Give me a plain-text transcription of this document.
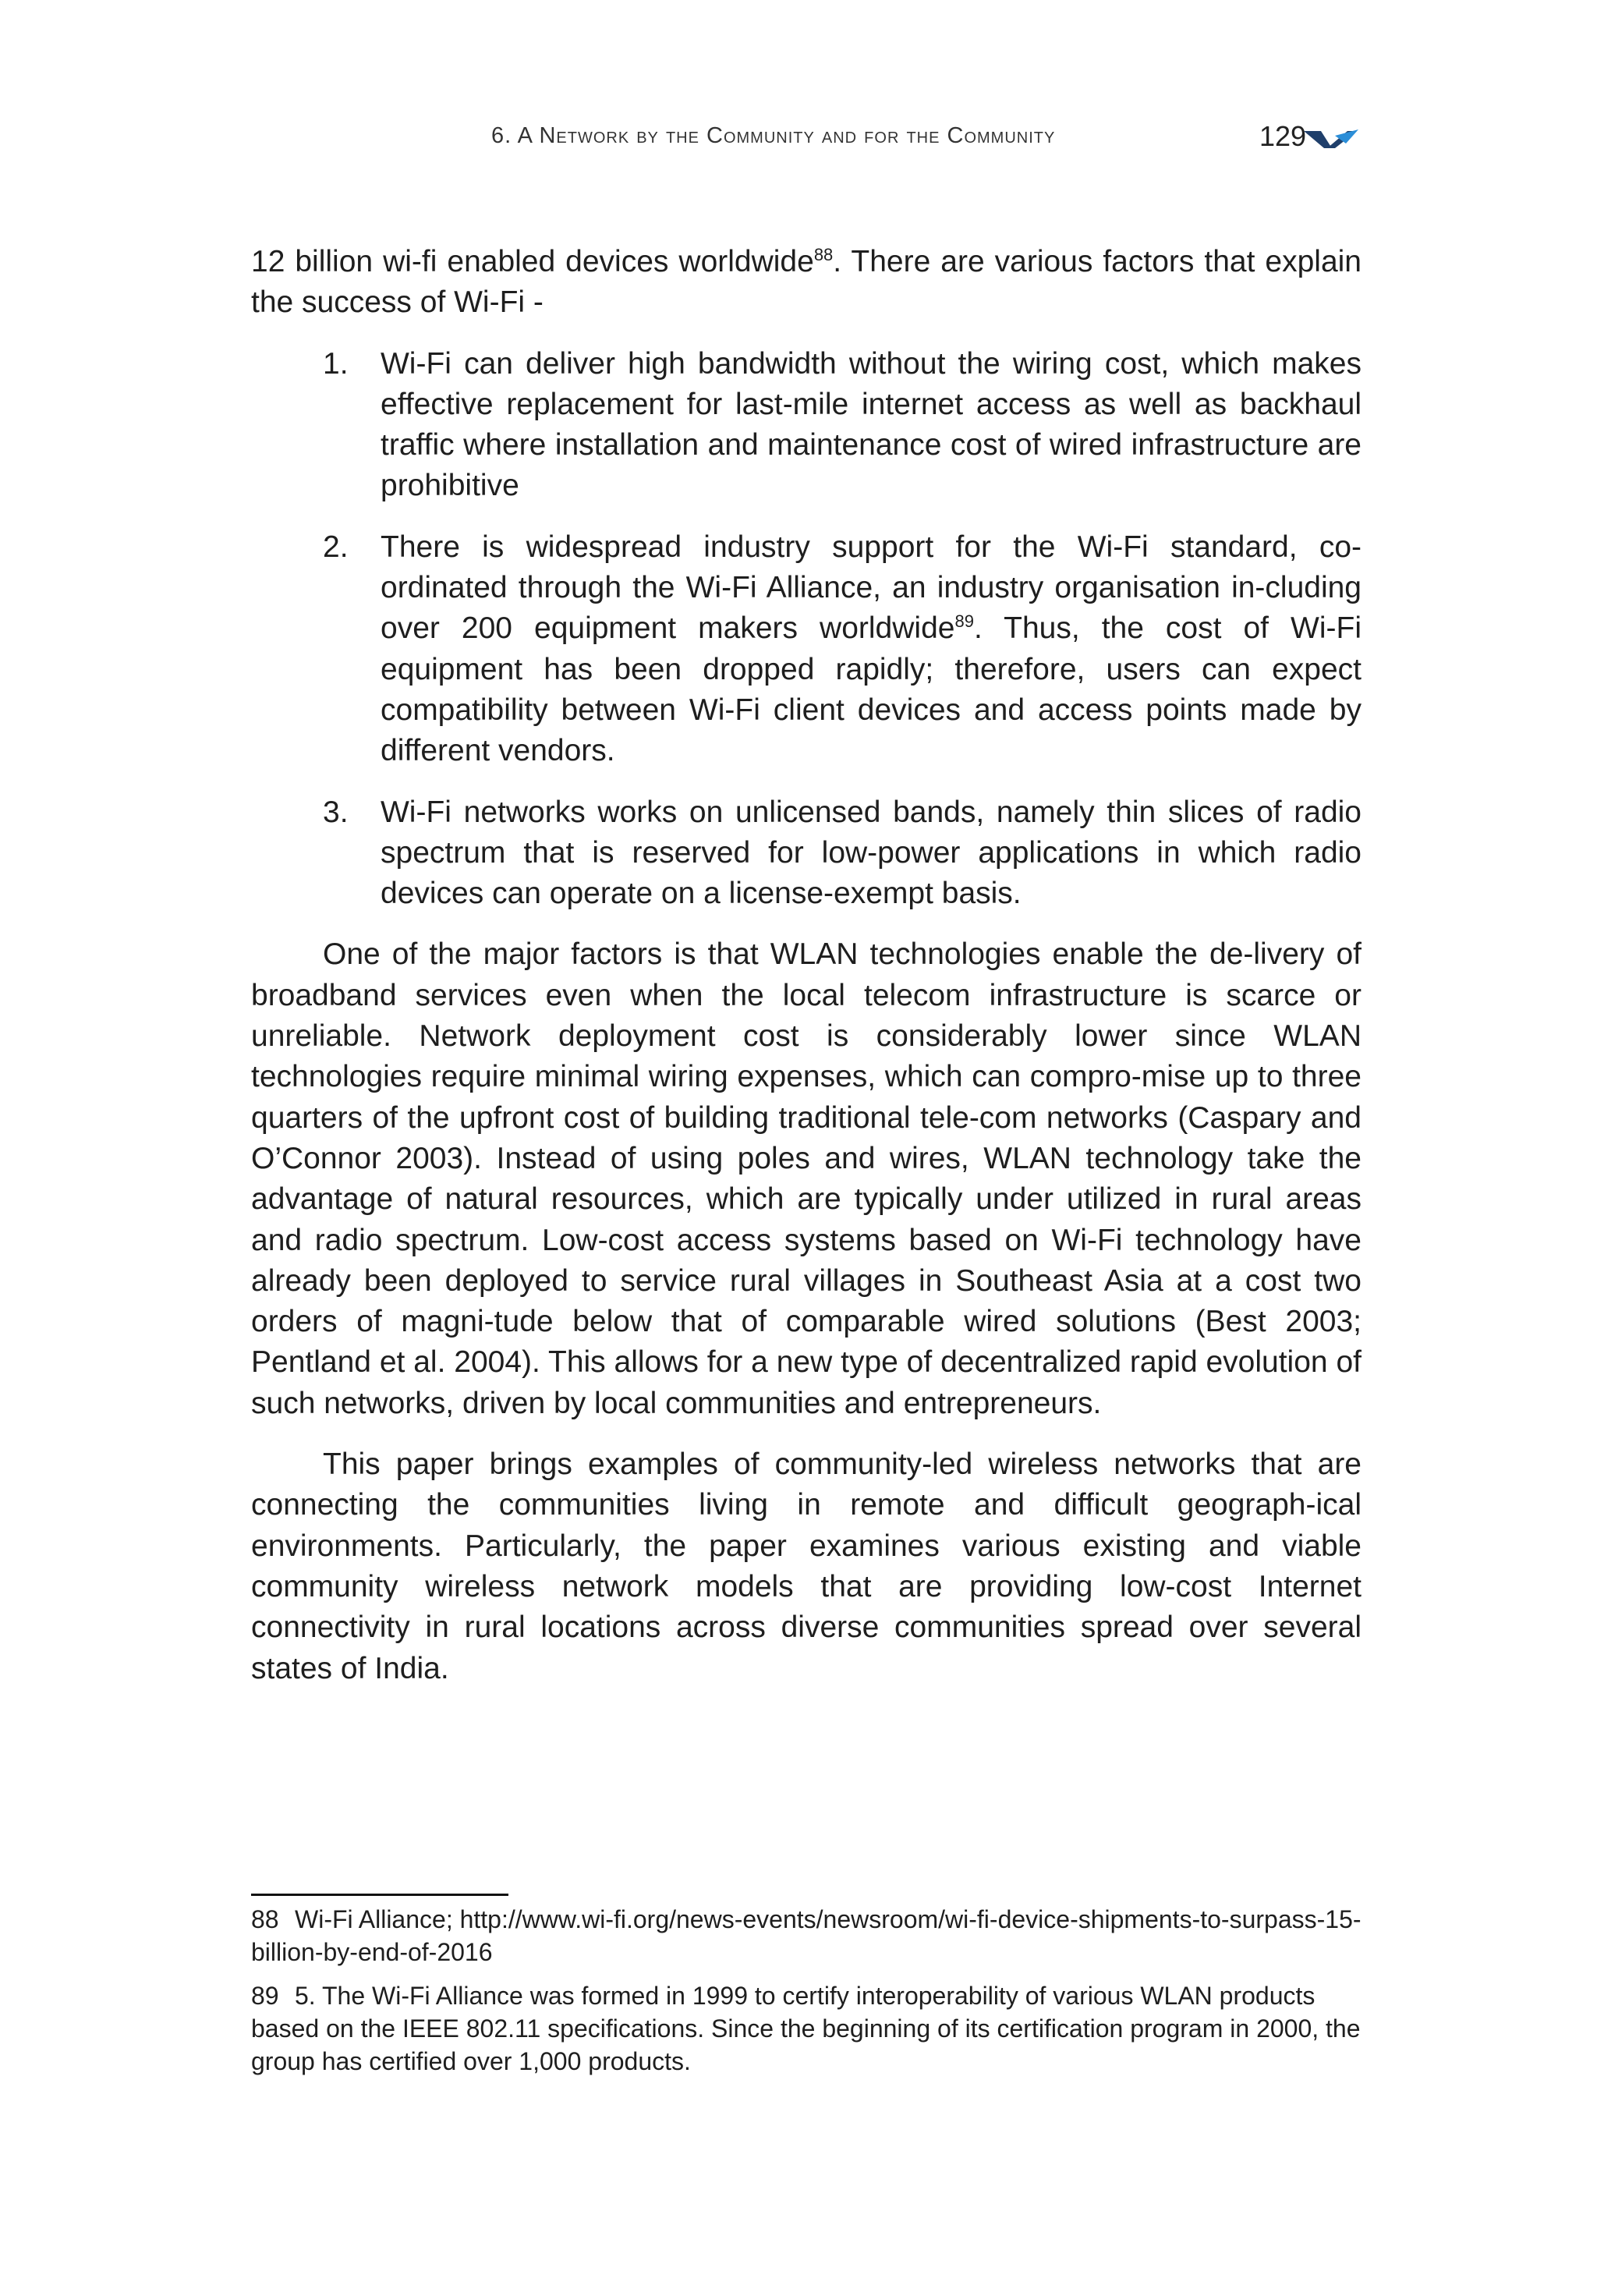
6. A Network by the Community and for the Community	129

12 billion wi-fi enabled devices worldwide$^{88}$. There are various factors that explain the success of Wi-Fi -

1. Wi-Fi can deliver high bandwidth without the wiring cost, which makes effective replacement for last-mile internet access as well as backhaul traffic where installation and maintenance cost of wired infrastructure are prohibitive
2. There is widespread industry support for the Wi-Fi standard, co-ordinated through the Wi-Fi Alliance, an industry organisation in-cluding over 200 equipment makers worldwide$^{89}$. Thus, the cost of Wi-Fi equipment has been dropped rapidly; therefore, users can expect compatibility between Wi-Fi client devices and access points made by different vendors.
3. Wi-Fi networks works on unlicensed bands, namely thin slices of radio spectrum that is reserved for low-power applications in which radio devices can operate on a license-exempt basis.

One of the major factors is that WLAN technologies enable the de-livery of broadband services even when the local telecom infrastructure is scarce or unreliable. Network deployment cost is considerably lower since WLAN technologies require minimal wiring expenses, which can compro-mise up to three quarters of the upfront cost of building traditional tele-com networks (Caspary and O’Connor 2003). Instead of using poles and wires, WLAN technology take the advantage of natural resources, which are typically under utilized in rural areas and radio spectrum. Low-cost access systems based on Wi-Fi technology have already been deployed to service rural villages in Southeast Asia at a cost two orders of magni-tude below that of comparable wired solutions (Best 2003; Pentland et al. 2004). This allows for a new type of decentralized rapid evolution of such networks, driven by local communities and entrepreneurs.

This paper brings examples of community-led wireless networks that are connecting the communities living in remote and difficult geograph-ical environments. Particularly, the paper examines various existing and viable community wireless network models that are providing low-cost Internet connectivity in rural locations across diverse communities spread over several states of India.

88 Wi-Fi Alliance; http://www.wi-fi.org/news-events/newsroom/wi-fi-device-shipments-to-surpass-15-billion-by-end-of-2016
89 5. The Wi-Fi Alliance was formed in 1999 to certify interoperability of various WLAN products based on the IEEE 802.11 specifications. Since the beginning of its certification program in 2000, the group has certified over 1,000 products.
